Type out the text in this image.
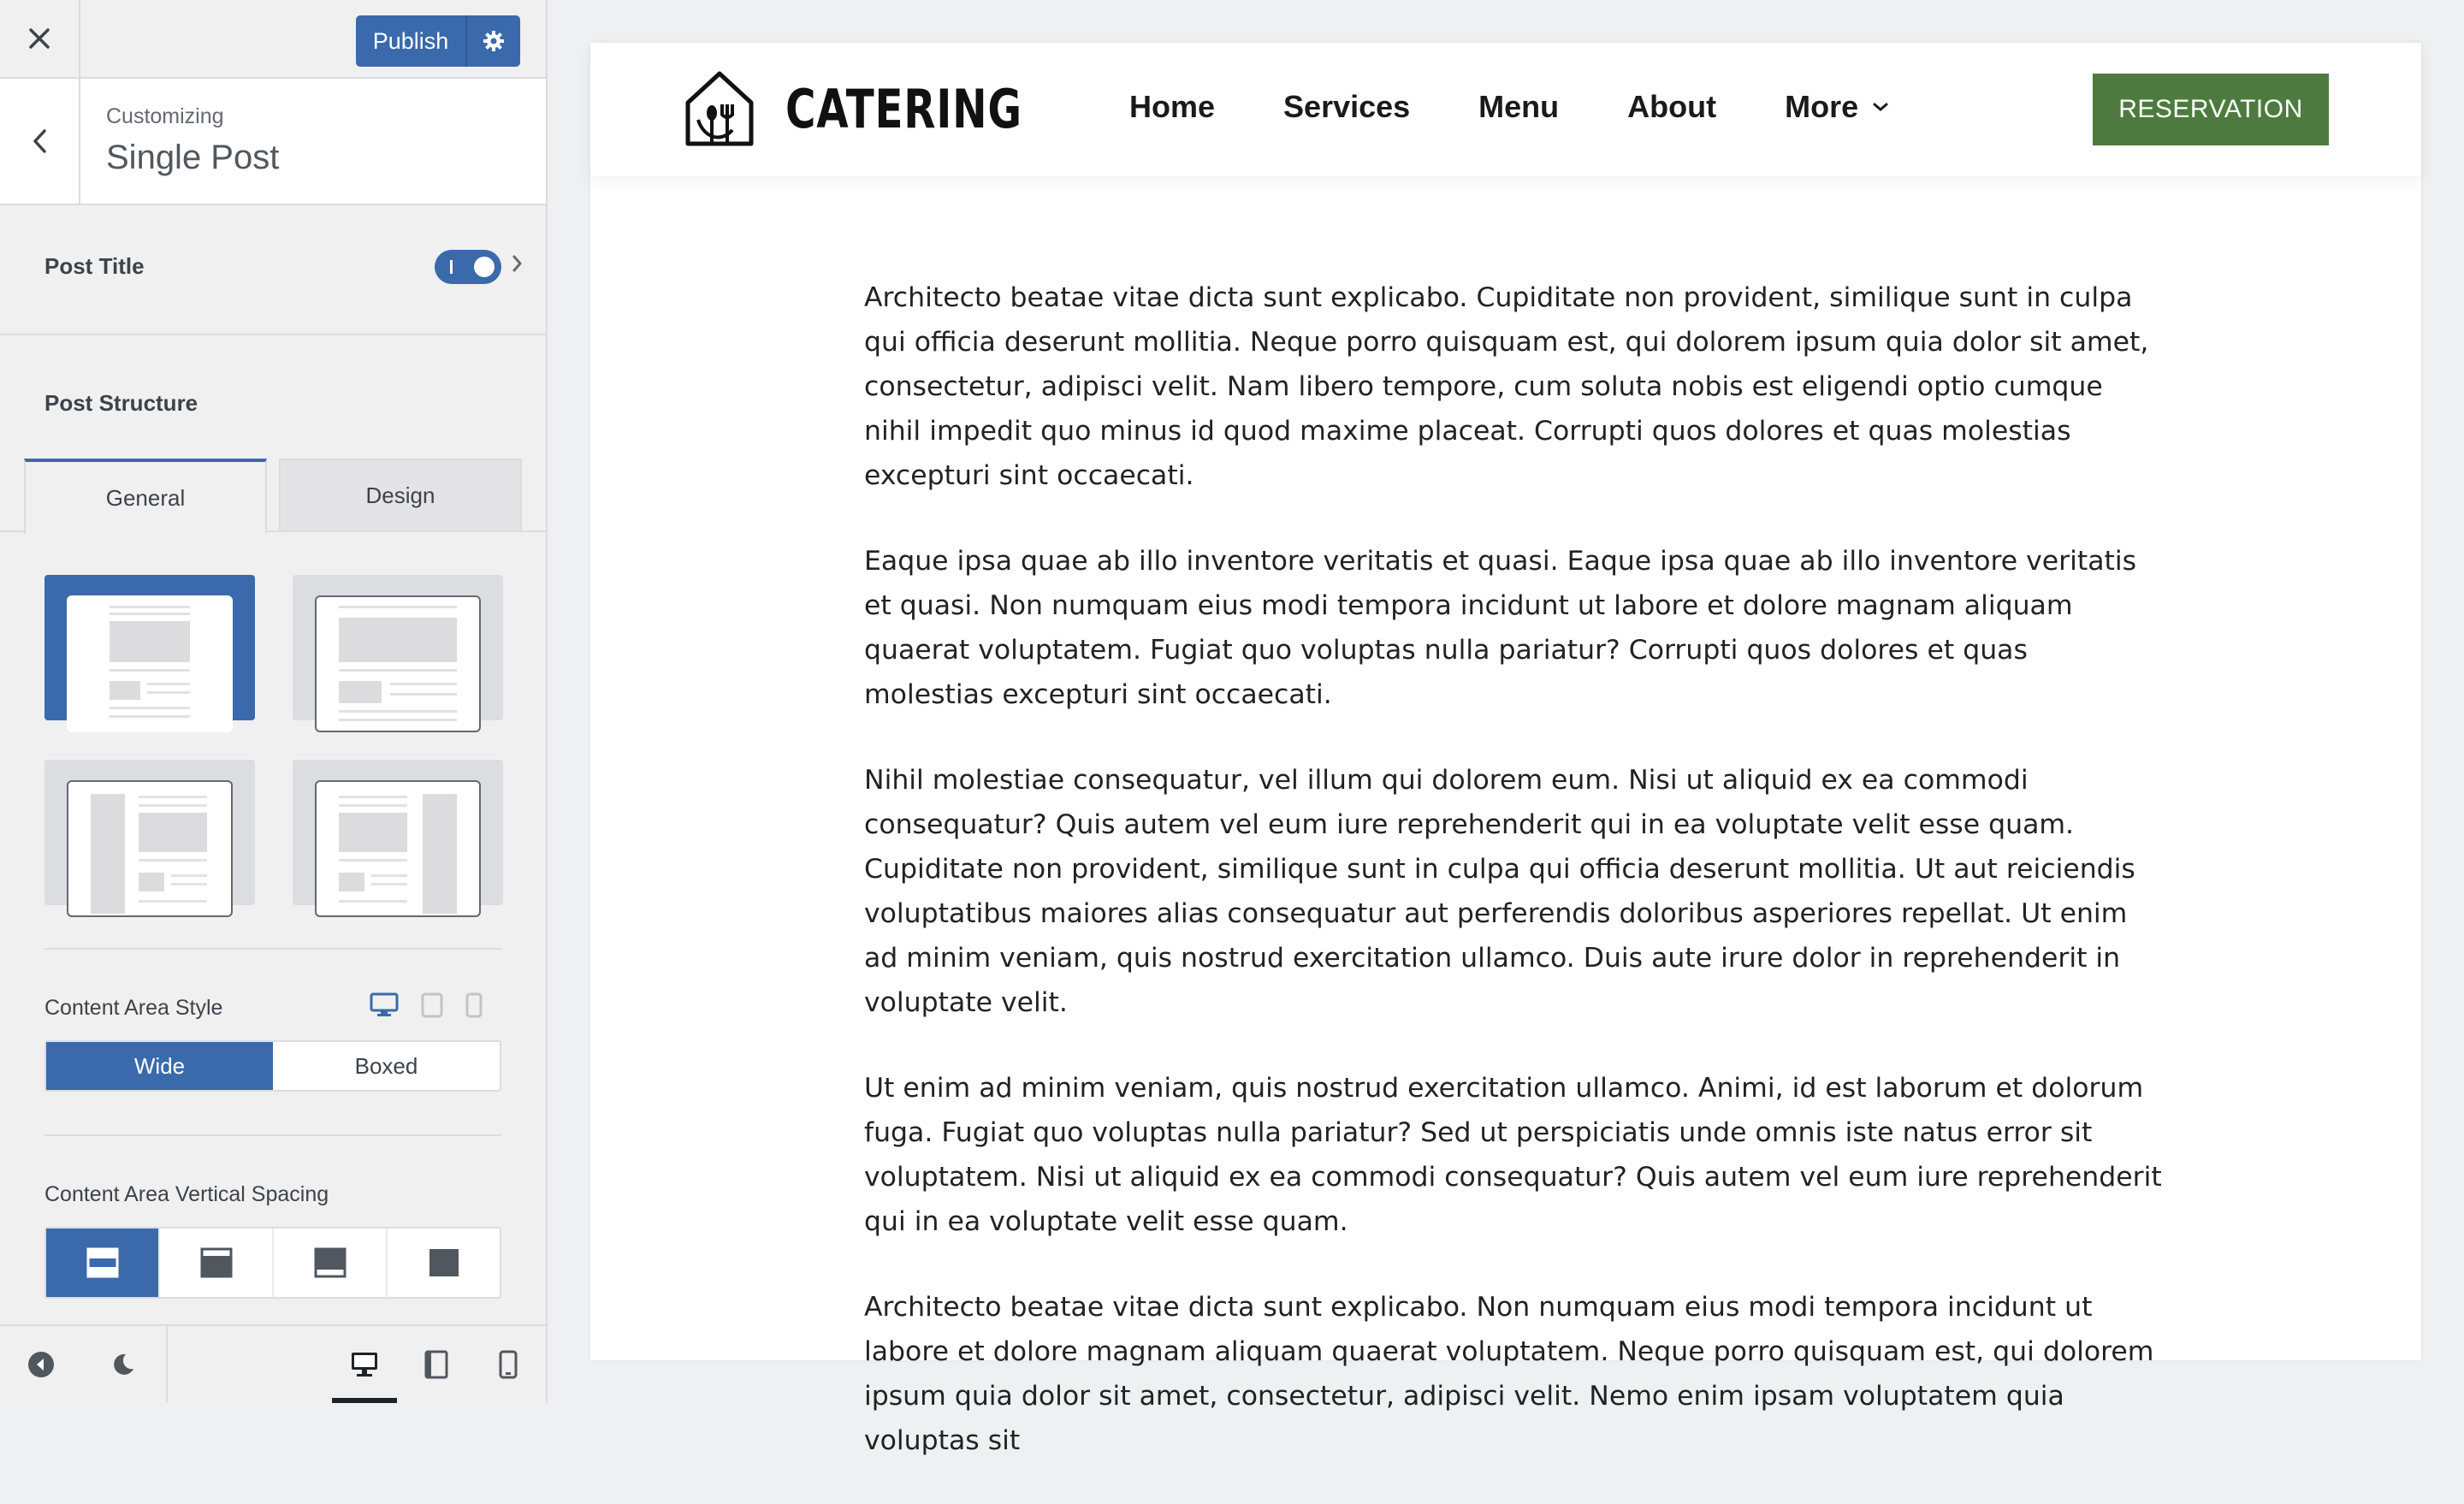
Publish
Customizing
Single Post
Post Title
Post Structure
General	Design
Content Area Style
Wide	Boxed
Content Area Vertical Spacing
CATERING	Home Services Menu About More	RESERVATION

Architecto beatae vitae dicta sunt explicabo. Cupiditate non provident, similique sunt in culpa qui officia deserunt mollitia. Neque porro quisquam est, qui dolorem ipsum quia dolor sit amet, consectetur, adipisci velit. Nam libero tempore, cum soluta nobis est eligendi optio cumque nihil impedit quo minus id quod maxime placeat. Corrupti quos dolores et quas molestias excepturi sint occaecati.

Eaque ipsa quae ab illo inventore veritatis et quasi. Eaque ipsa quae ab illo inventore veritatis et quasi. Non numquam eius modi tempora incidunt ut labore et dolore magnam aliquam quaerat voluptatem. Fugiat quo voluptas nulla pariatur? Corrupti quos dolores et quas molestias excepturi sint occaecati.

Nihil molestiae consequatur, vel illum qui dolorem eum. Nisi ut aliquid ex ea commodi consequatur? Quis autem vel eum iure reprehenderit qui in ea voluptate velit esse quam. Cupiditate non provident, similique sunt in culpa qui officia deserunt mollitia. Ut aut reiciendis voluptatibus maiores alias consequatur aut perferendis doloribus asperiores repellat. Ut enim ad minim veniam, quis nostrud exercitation ullamco. Duis aute irure dolor in reprehenderit in voluptate velit.

Ut enim ad minim veniam, quis nostrud exercitation ullamco. Animi, id est laborum et dolorum fuga. Fugiat quo voluptas nulla pariatur? Sed ut perspiciatis unde omnis iste natus error sit voluptatem. Nisi ut aliquid ex ea commodi consequatur? Quis autem vel eum iure reprehenderit qui in ea voluptate velit esse quam.

Architecto beatae vitae dicta sunt explicabo. Non numquam eius modi tempora incidunt ut labore et dolore magnam aliquam quaerat voluptatem. Neque porro quisquam est, qui dolorem ipsum quia dolor sit amet, consectetur, adipisci velit. Nemo enim ipsam voluptatem quia voluptas sit
